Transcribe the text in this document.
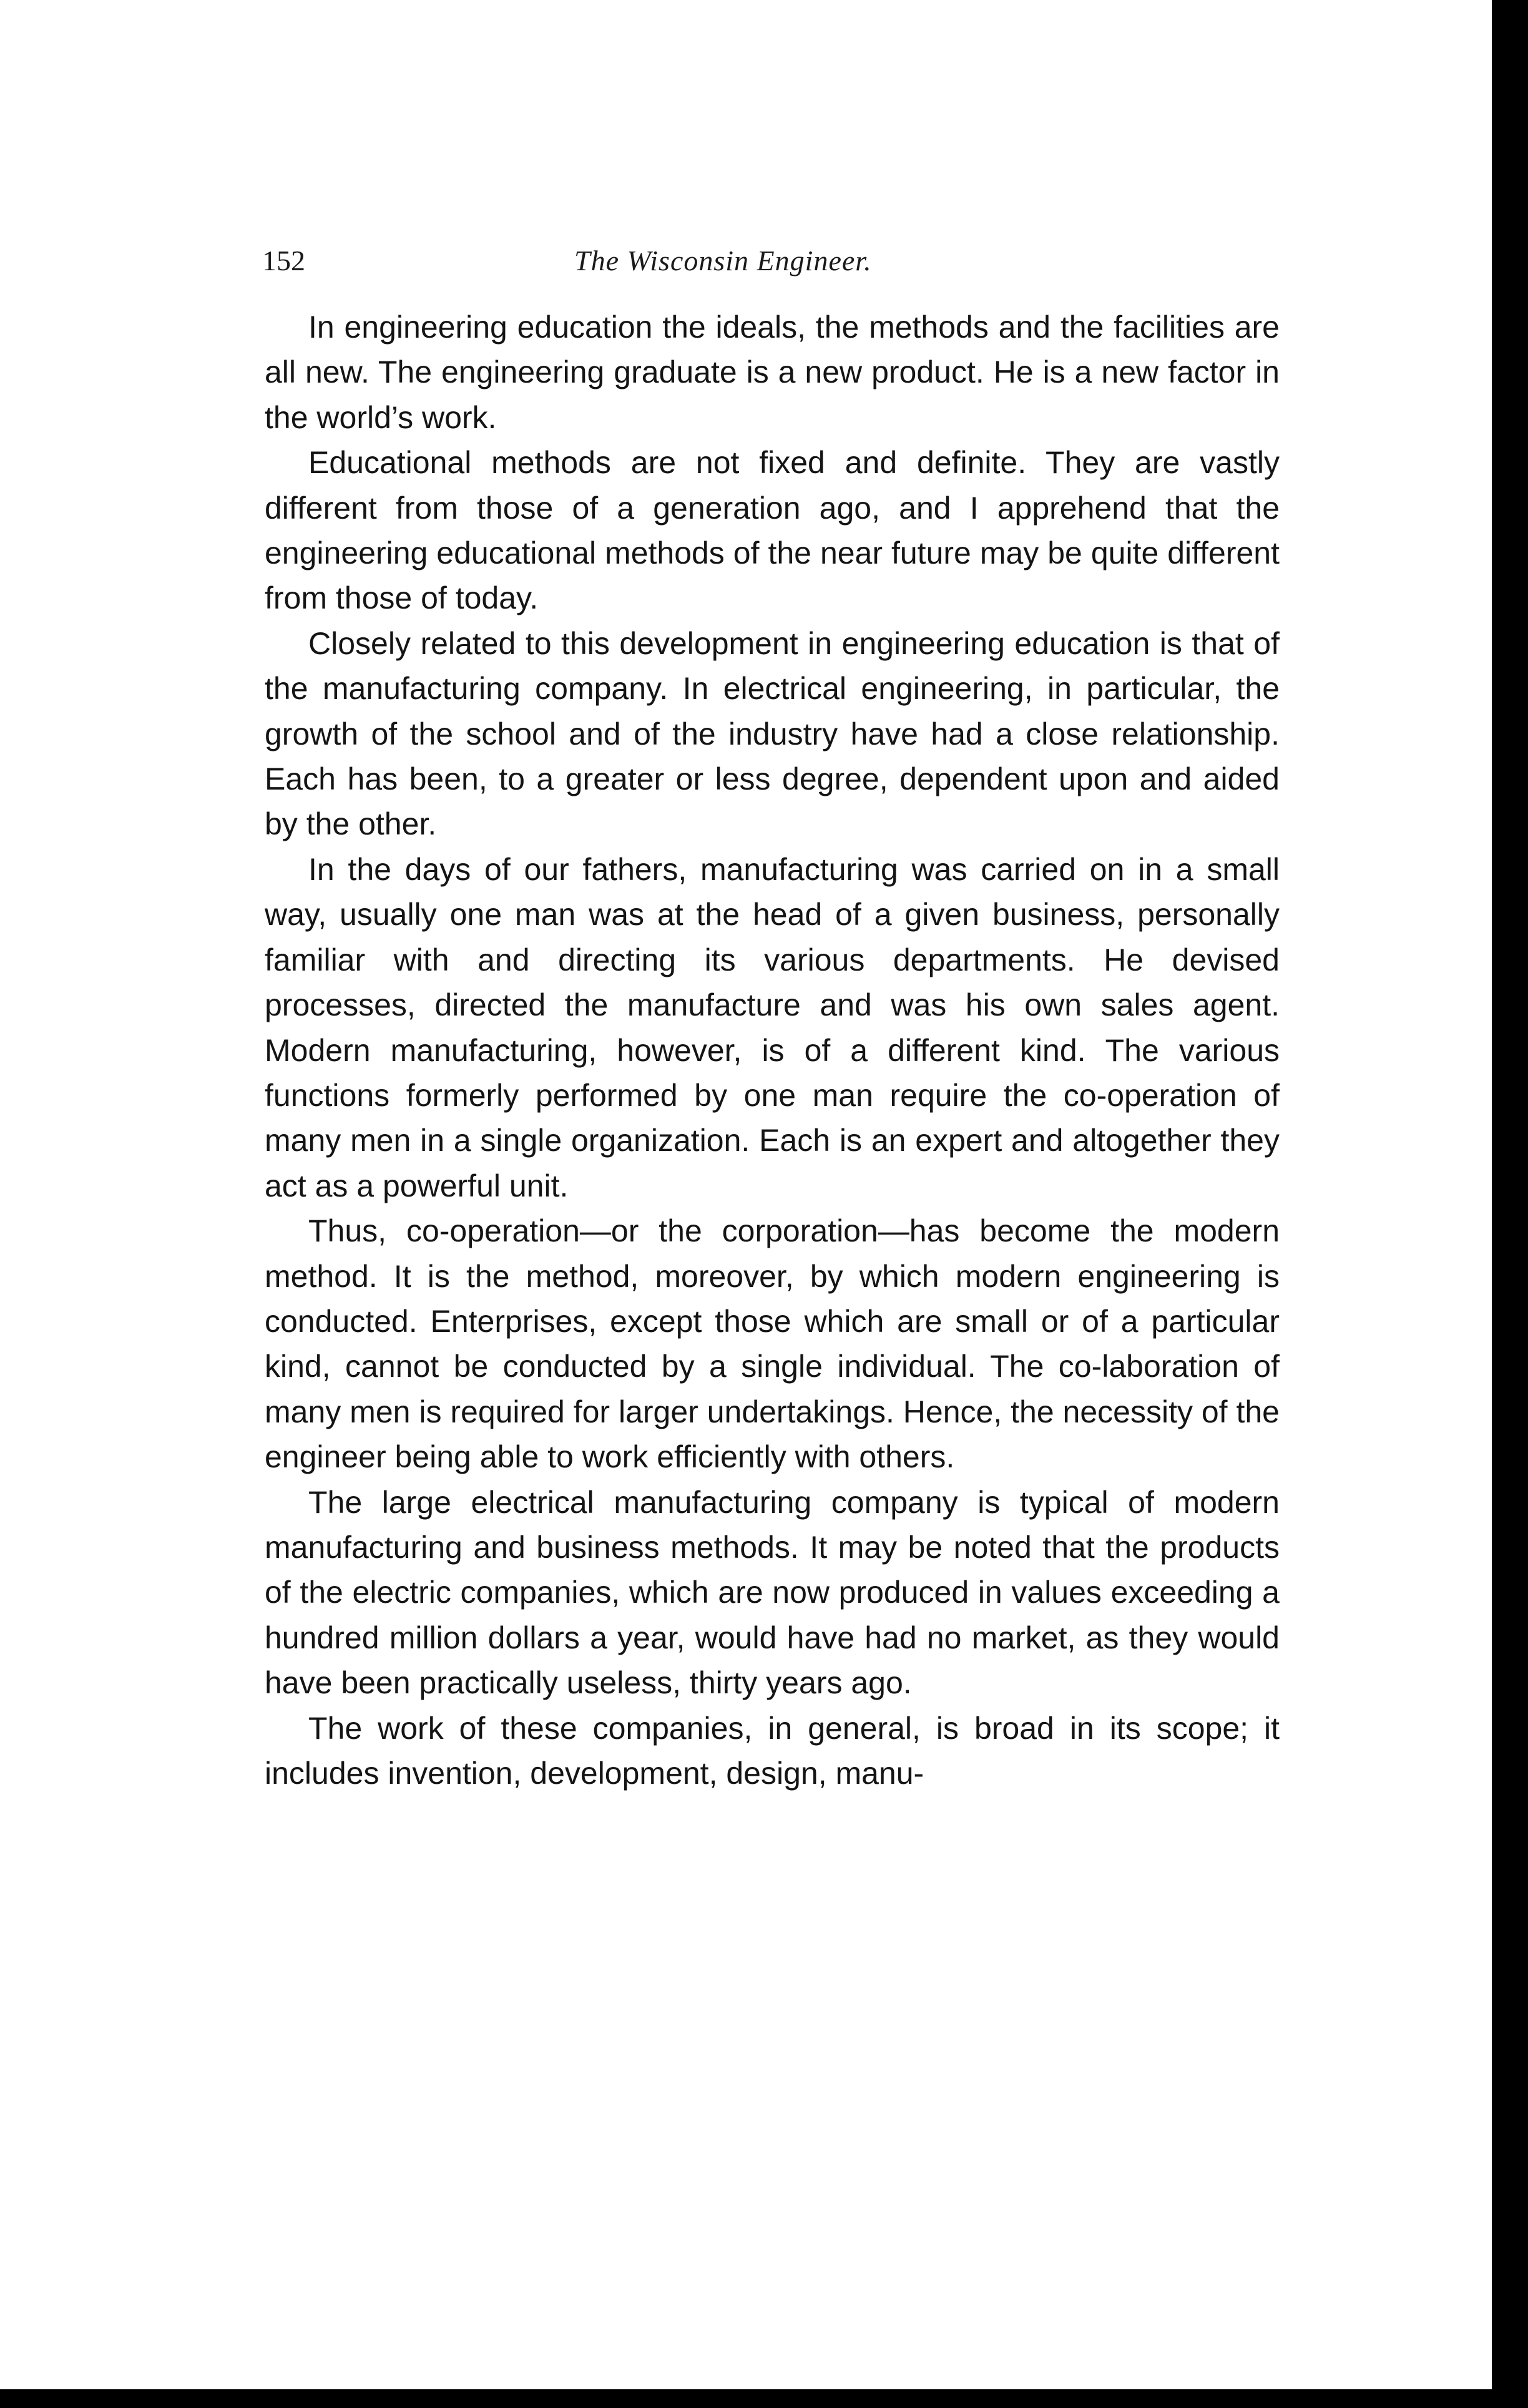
152	The Wisconsin Engineer.

In engineering education the ideals, the methods and the facilities are all new. The engineering graduate is a new product. He is a new factor in the world’s work.

Educational methods are not fixed and definite. They are vastly different from those of a generation ago, and I apprehend that the engineering educational methods of the near future may be quite different from those of today.

Closely related to this development in engineering education is that of the manufacturing company. In electrical engineering, in particular, the growth of the school and of the industry have had a close relationship. Each has been, to a greater or less degree, dependent upon and aided by the other.

In the days of our fathers, manufacturing was carried on in a small way, usually one man was at the head of a given business, personally familiar with and directing its various departments. He devised processes, directed the manufacture and was his own sales agent. Modern manufacturing, however, is of a different kind. The various functions formerly performed by one man require the co-operation of many men in a single organization. Each is an expert and altogether they act as a powerful unit.

Thus, co-operation—or the corporation—has become the modern method. It is the method, moreover, by which modern engineering is conducted. Enterprises, except those which are small or of a particular kind, cannot be conducted by a single individual. The co-laboration of many men is required for larger undertakings. Hence, the necessity of the engineer being able to work efficiently with others.

The large electrical manufacturing company is typical of modern manufacturing and business methods. It may be noted that the products of the electric companies, which are now produced in values exceeding a hundred million dollars a year, would have had no market, as they would have been practically useless, thirty years ago.

The work of these companies, in general, is broad in its scope; it includes invention, development, design, manu-
